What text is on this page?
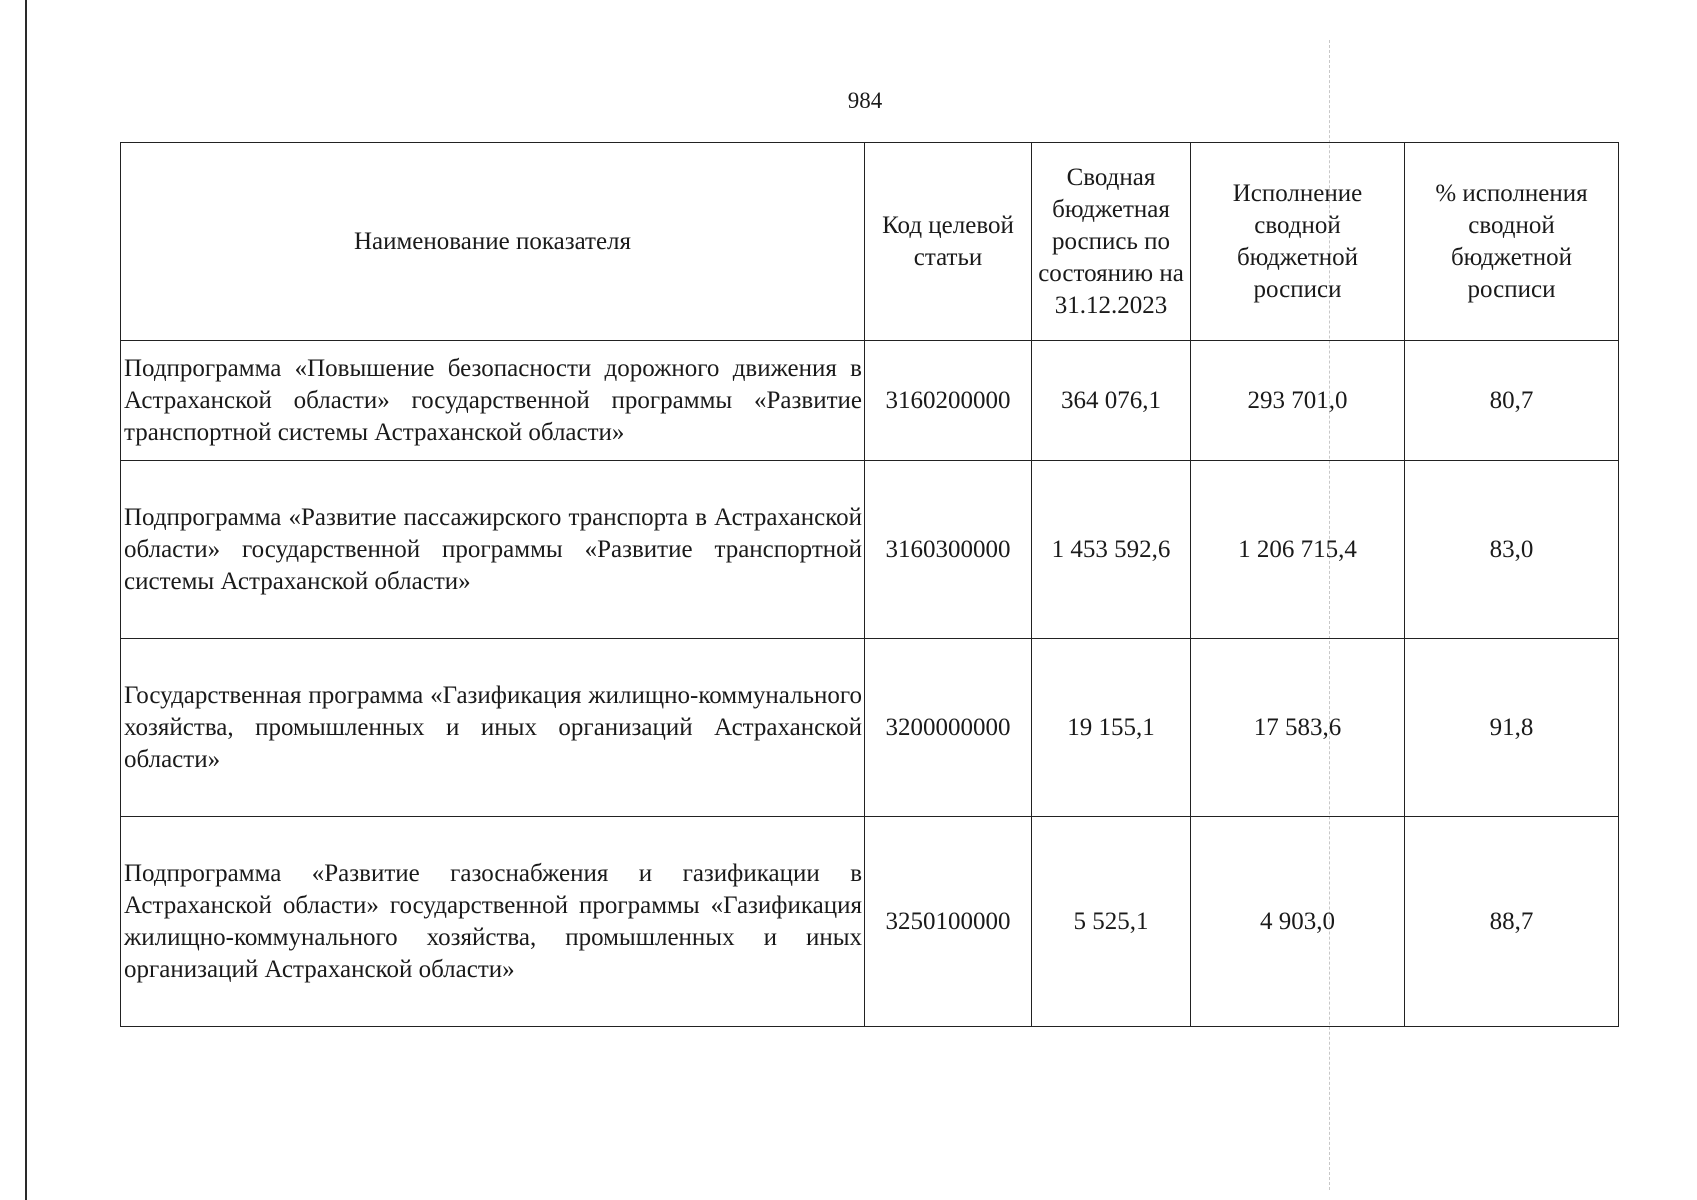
984
Наименование показателя	Код целевой статьи	Сводная бюджетная роспись по состоянию на 31.12.2023	Исполнение сводной бюджетной росписи	% исполнения сводной бюджетной росписи
Подпрограмма «Повышение безопасности дорожного движения в Астраханской области» государственной программы «Развитие транспортной системы Астраханской области»	3160200000	364 076,1	293 701,0	80,7
Подпрограмма «Развитие пассажирского транспорта в Астраханской области» государственной программы «Развитие транспортной системы Астраханской области»	3160300000	1 453 592,6	1 206 715,4	83,0
Государственная программа «Газификация жилищно-коммунального хозяйства, промышленных и иных организаций Астраханской области»	3200000000	19 155,1	17 583,6	91,8
Подпрограмма «Развитие газоснабжения и газификации в Астраханской области» государственной программы «Газификация жилищно-коммунального хозяйства, промышленных и иных организаций Астраханской области»	3250100000	5 525,1	4 903,0	88,7
